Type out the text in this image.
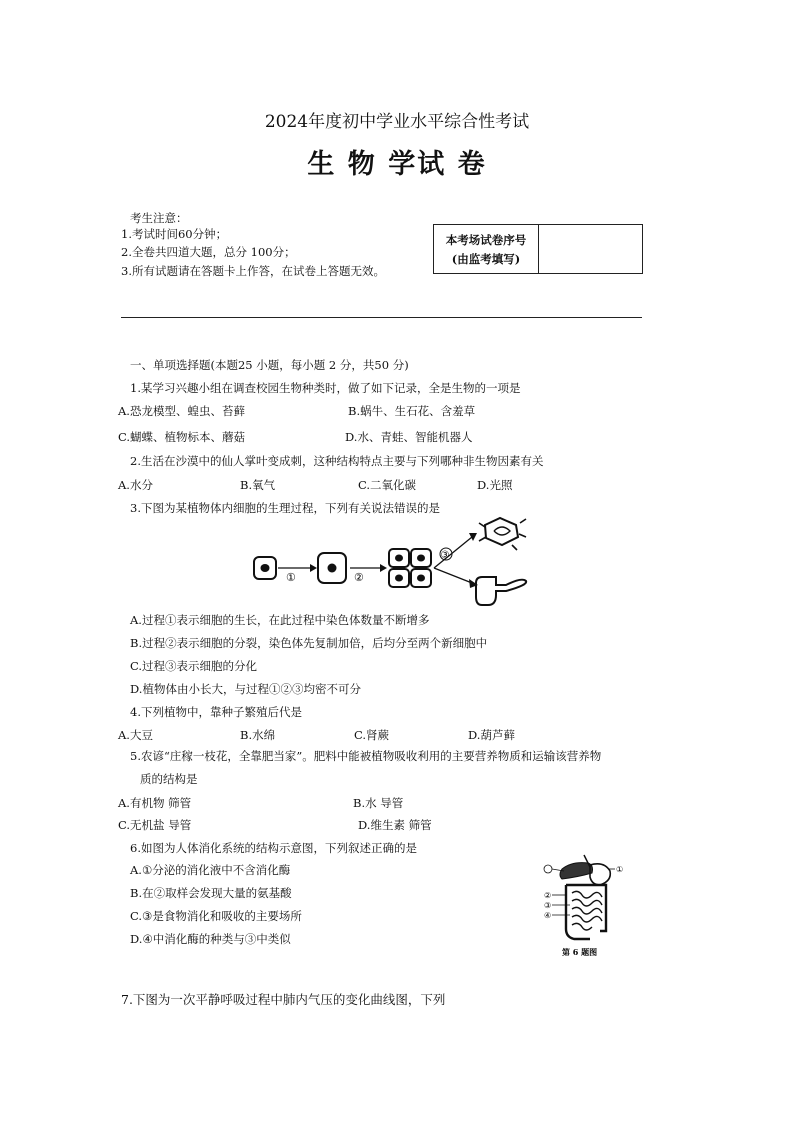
2024年度初中学业水平综合性考试
生 物 学试 卷
考生注意：
1.考试时间60分钟；
2.全卷共四道大题，总分 100分；
3.所有试题请在答题卡上作答，在试卷上答题无效。
本考场试卷序号
(由监考填写)
一、单项选择题(本题25 小题，每小题 2 分，共50 分)
1.某学习兴趣小组在调查校园生物种类时，做了如下记录，全是生物的一项是
A.恐龙模型、蝗虫、苔藓	B.蜗牛、生石花、含羞草
C.蝴蝶、植物标本、蘑菇	D.水、青蛙、智能机器人
2.生活在沙漠中的仙人掌叶变成刺，这种结构特点主要与下列哪种非生物因素有关
A.水分	B.氧气	C.二氧化碳	D.光照
3.下图为某植物体内细胞的生理过程，下列有关说法错误的是
①	②
③
A.过程①表示细胞的生长，在此过程中染色体数量不断增多
B.过程②表示细胞的分裂，染色体先复制加倍，后均分至两个新细胞中
C.过程③表示细胞的分化
D.植物体由小长大，与过程①②③均密不可分
4.下列植物中，靠种子繁殖后代是
A.大豆	B.水绵	C.肾蕨	D.葫芦藓
5.农谚“庄稼一枝花，全靠肥当家”。肥料中能被植物吸收利用的主要营养物质和运输该营养物
质的结构是
A.有机物 筛管	B.水 导管
C.无机盐 导管	D.维生素 筛管
6.如图为人体消化系统的结构示意图，下列叙述正确的是
A.①分泌的消化液中不含消化酶
B.在②取样会发现大量的氨基酸
C.③是食物消化和吸收的主要场所
D.④中消化酶的种类与③中类似
①
②
③
④
第 6 题图
7.下图为一次平静呼吸过程中肺内气压的变化曲线图，下列
